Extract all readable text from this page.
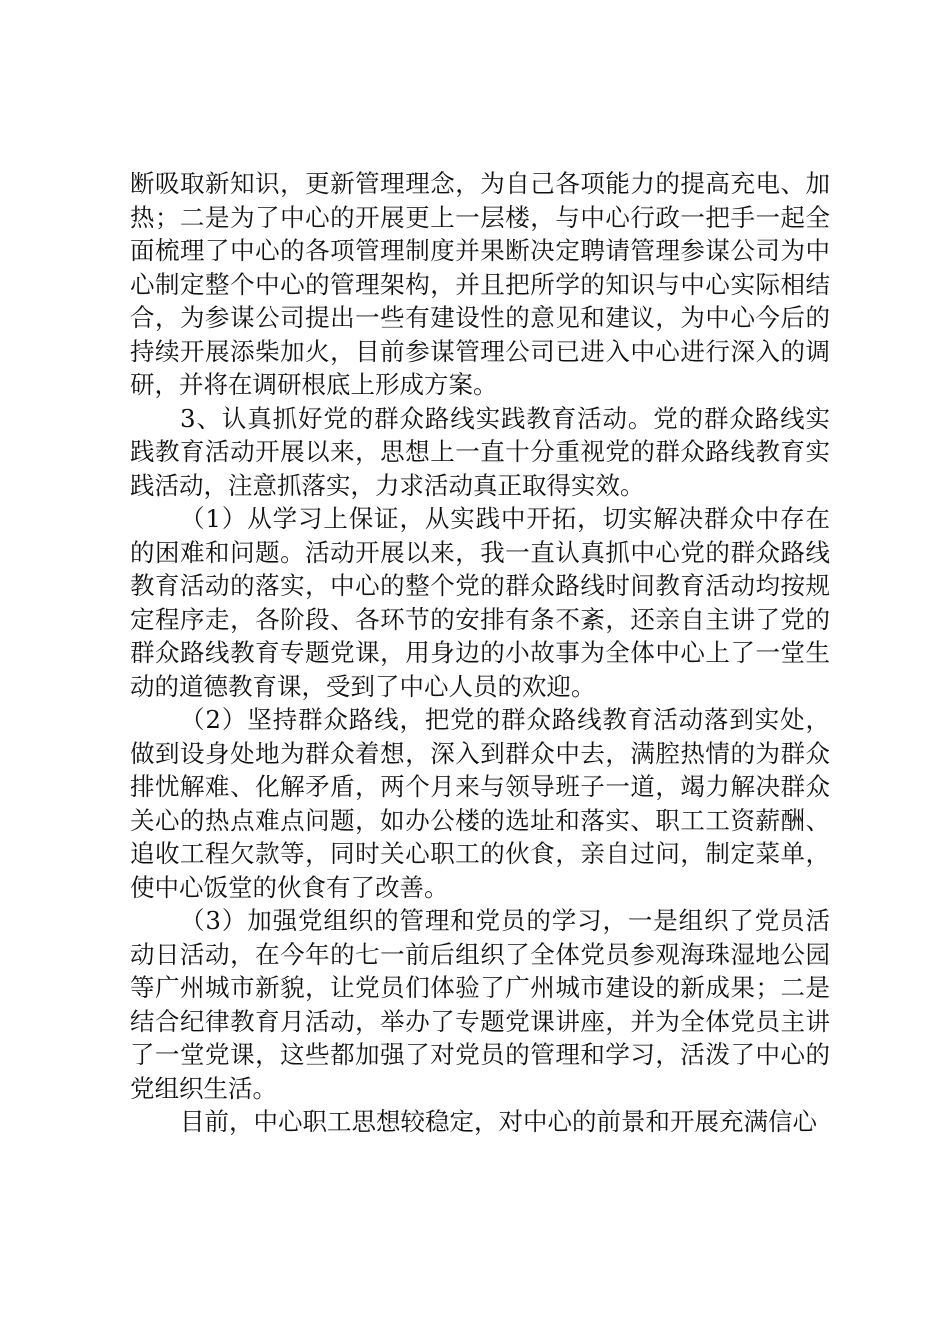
断吸取新知识，更新管理理念，为自己各项能力的提高充电、加热；二是为了中心的开展更上一层楼，与中心行政一把手一起全面梳理了中心的各项管理制度并果断决定聘请管理参谋公司为中心制定整个中心的管理架构，并且把所学的知识与中心实际相结合，为参谋公司提出一些有建设性的意见和建议，为中心今后的持续开展添柴加火，目前参谋管理公司已进入中心进行深入的调研，并将在调研根底上形成方案。

3、认真抓好党的群众路线实践教育活动。党的群众路线实践教育活动开展以来，思想上一直十分重视党的群众路线教育实践活动，注意抓落实，力求活动真正取得实效。

（1）从学习上保证，从实践中开拓，切实解决群众中存在的困难和问题。活动开展以来，我一直认真抓中心党的群众路线教育活动的落实，中心的整个党的群众路线时间教育活动均按规定程序走，各阶段、各环节的安排有条不紊，还亲自主讲了党的群众路线教育专题党课，用身边的小故事为全体中心上了一堂生动的道德教育课，受到了中心人员的欢迎。

（2）坚持群众路线，把党的群众路线教育活动落到实处，做到设身处地为群众着想，深入到群众中去，满腔热情的为群众排忧解难、化解矛盾，两个月来与领导班子一道，竭力解决群众关心的热点难点问题，如办公楼的选址和落实、职工工资薪酬、追收工程欠款等，同时关心职工的伙食，亲自过问，制定菜单，使中心饭堂的伙食有了改善。

（3）加强党组织的管理和党员的学习，一是组织了党员活动日活动，在今年的七一前后组织了全体党员参观海珠湿地公园等广州城市新貌，让党员们体验了广州城市建设的新成果；二是结合纪律教育月活动，举办了专题党课讲座，并为全体党员主讲了一堂党课，这些都加强了对党员的管理和学习，活泼了中心的党组织生活。

目前，中心职工思想较稳定，对中心的前景和开展充满信心
